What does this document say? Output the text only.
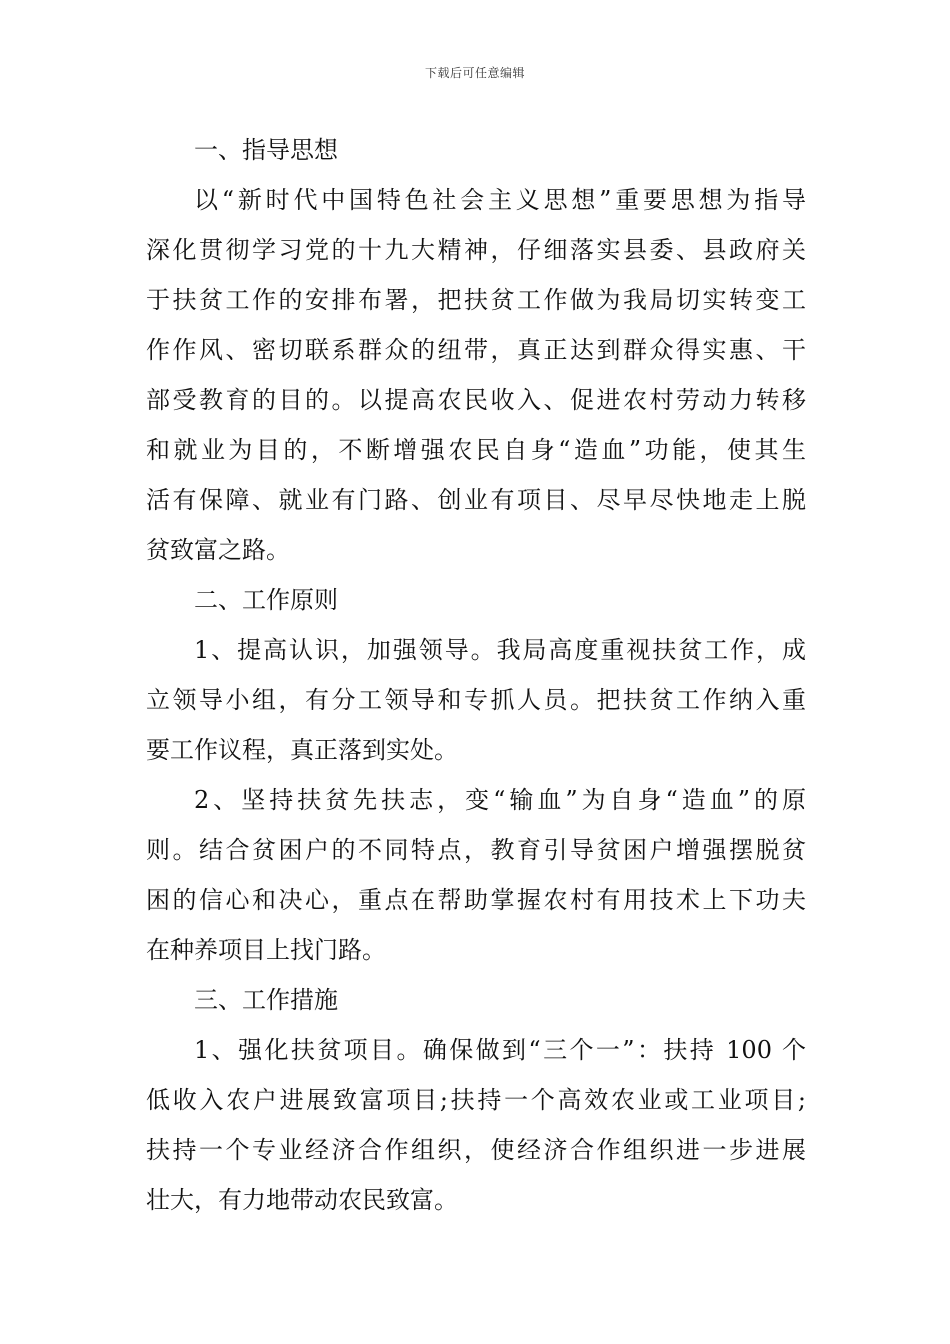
下载后可任意编辑
一、指导思想
以“新时代中国特色社会主义思想”重要思想为指导
深化贯彻学习党的十九大精神，仔细落实县委、县政府关
于扶贫工作的安排布署，把扶贫工作做为我局切实转变工
作作风、密切联系群众的纽带，真正达到群众得实惠、干
部受教育的目的。以提高农民收入、促进农村劳动力转移
和就业为目的，不断增强农民自身“造血”功能，使其生
活有保障、就业有门路、创业有项目、尽早尽快地走上脱
贫致富之路。
二、工作原则
1、提高认识，加强领导。我局高度重视扶贫工作，成
立领导小组，有分工领导和专抓人员。把扶贫工作纳入重
要工作议程，真正落到实处。
2、坚持扶贫先扶志，变“输血”为自身“造血”的原
则。结合贫困户的不同特点，教育引导贫困户增强摆脱贫
困的信心和决心，重点在帮助掌握农村有用技术上下功夫
在种养项目上找门路。
三、工作措施
1、强化扶贫项目。确保做到“三个一”：扶持 100 个
低收入农户进展致富项目;扶持一个高效农业或工业项目;
扶持一个专业经济合作组织，使经济合作组织进一步进展
壮大，有力地带动农民致富。
